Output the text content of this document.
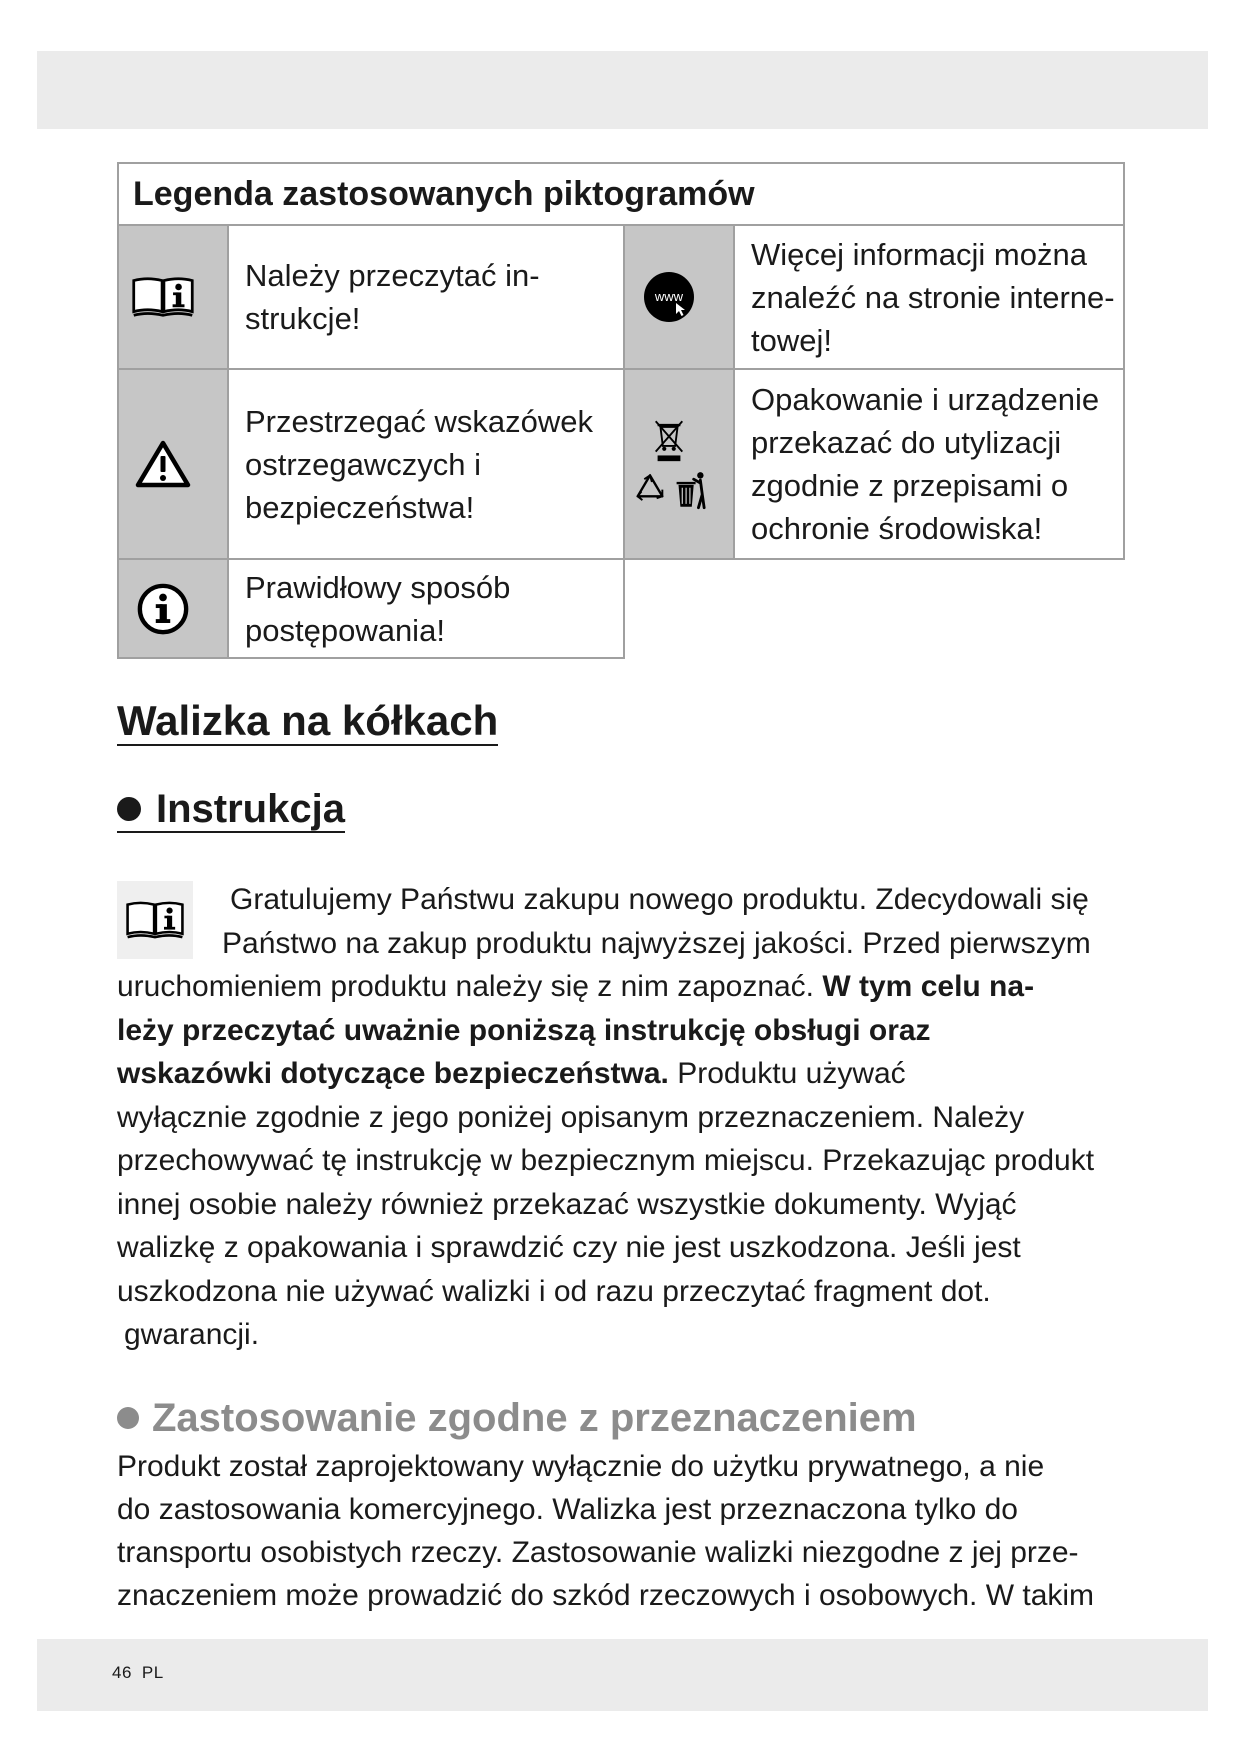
Legenda zastosowanych piktogramów
Należy przeczytać in-
strukcje!
www
Więcej informacji można
znaleźć na stronie interne-
towej!
Przestrzegać wskazówek
ostrzegawczych i
bezpieczeństwa!
Opakowanie i urządzenie
przekazać do utylizacji
zgodnie z przepisami o
ochronie środowiska!
Prawidłowy sposób
postępowania!
Walizka na kółkach
Instrukcja
Gratulujemy Państwu zakupu nowego produktu. Zdecydowali się
Państwo na zakup produktu najwyższej jakości. Przed pierwszym
uruchomieniem produktu należy się z nim zapoznać. W tym celu na-
leży przeczytać uważnie poniższą instrukcję obsługi oraz
wskazówki dotyczące bezpieczeństwa. Produktu używać
wyłącznie zgodnie z jego poniżej opisanym przeznaczeniem. Należy
przechowywać tę instrukcję w bezpiecznym miejscu. Przekazując produkt
innej osobie należy również przekazać wszystkie dokumenty. Wyjąć
walizkę z opakowania i sprawdzić czy nie jest uszkodzona. Jeśli jest
uszkodzona nie używać walizki i od razu przeczytać fragment dot.
gwarancji.
Zastosowanie zgodne z przeznaczeniem
Produkt został zaprojektowany wyłącznie do użytku prywatnego, a nie
do zastosowania komercyjnego. Walizka jest przeznaczona tylko do
transportu osobistych rzeczy. Zastosowanie walizki niezgodne z jej prze-
znaczeniem może prowadzić do szkód rzeczowych i osobowych. W takim
46 PL
